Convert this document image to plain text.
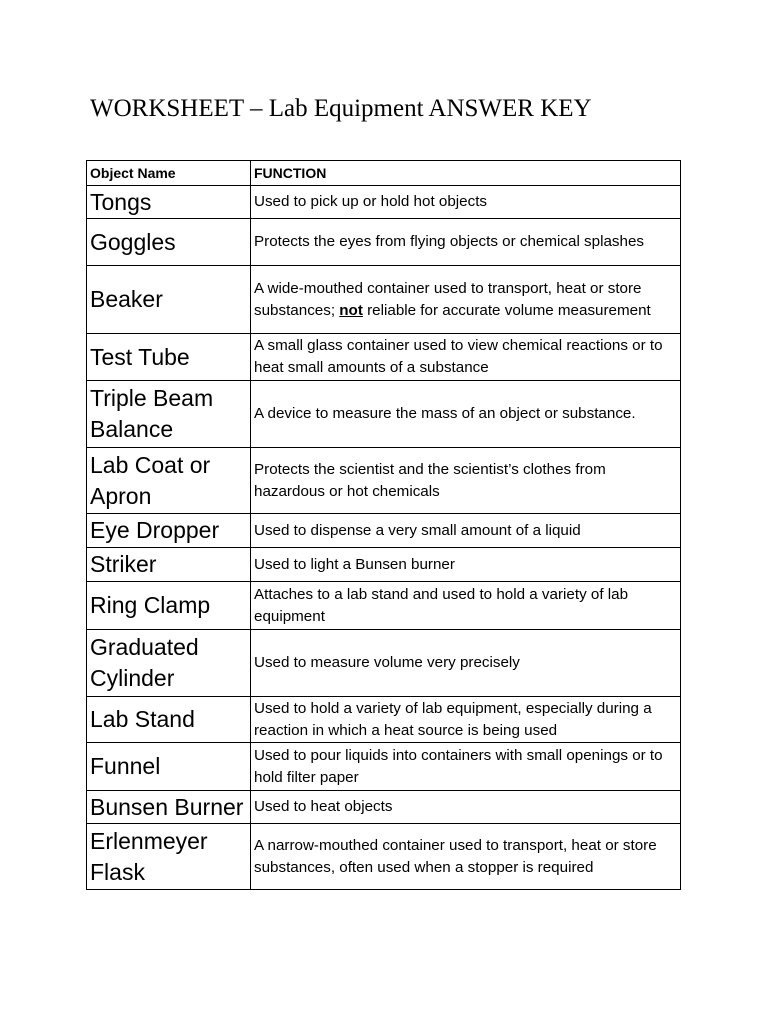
WORKSHEET – Lab Equipment ANSWER KEY
Object Name	FUNCTION
Tongs	Used to pick up or hold hot objects
Goggles	Protects the eyes from flying objects or chemical splashes
Beaker	A wide-mouthed container used to transport, heat or store substances; not reliable for accurate volume measurement
Test Tube	A small glass container used to view chemical reactions or to heat small amounts of a substance
Triple Beam Balance	A device to measure the mass of an object or substance.
Lab Coat or Apron	Protects the scientist and the scientist’s clothes from hazardous or hot chemicals
Eye Dropper	Used to dispense a very small amount of a liquid
Striker	Used to light a Bunsen burner
Ring Clamp	Attaches to a lab stand and used to hold a variety of lab equipment
Graduated Cylinder	Used to measure volume very precisely
Lab Stand	Used to hold a variety of lab equipment, especially during a reaction in which a heat source is being used
Funnel	Used to pour liquids into containers with small openings or to hold filter paper
Bunsen Burner	Used to heat objects
Erlenmeyer Flask	A narrow-mouthed container used to transport, heat or store substances, often used when a stopper is required
